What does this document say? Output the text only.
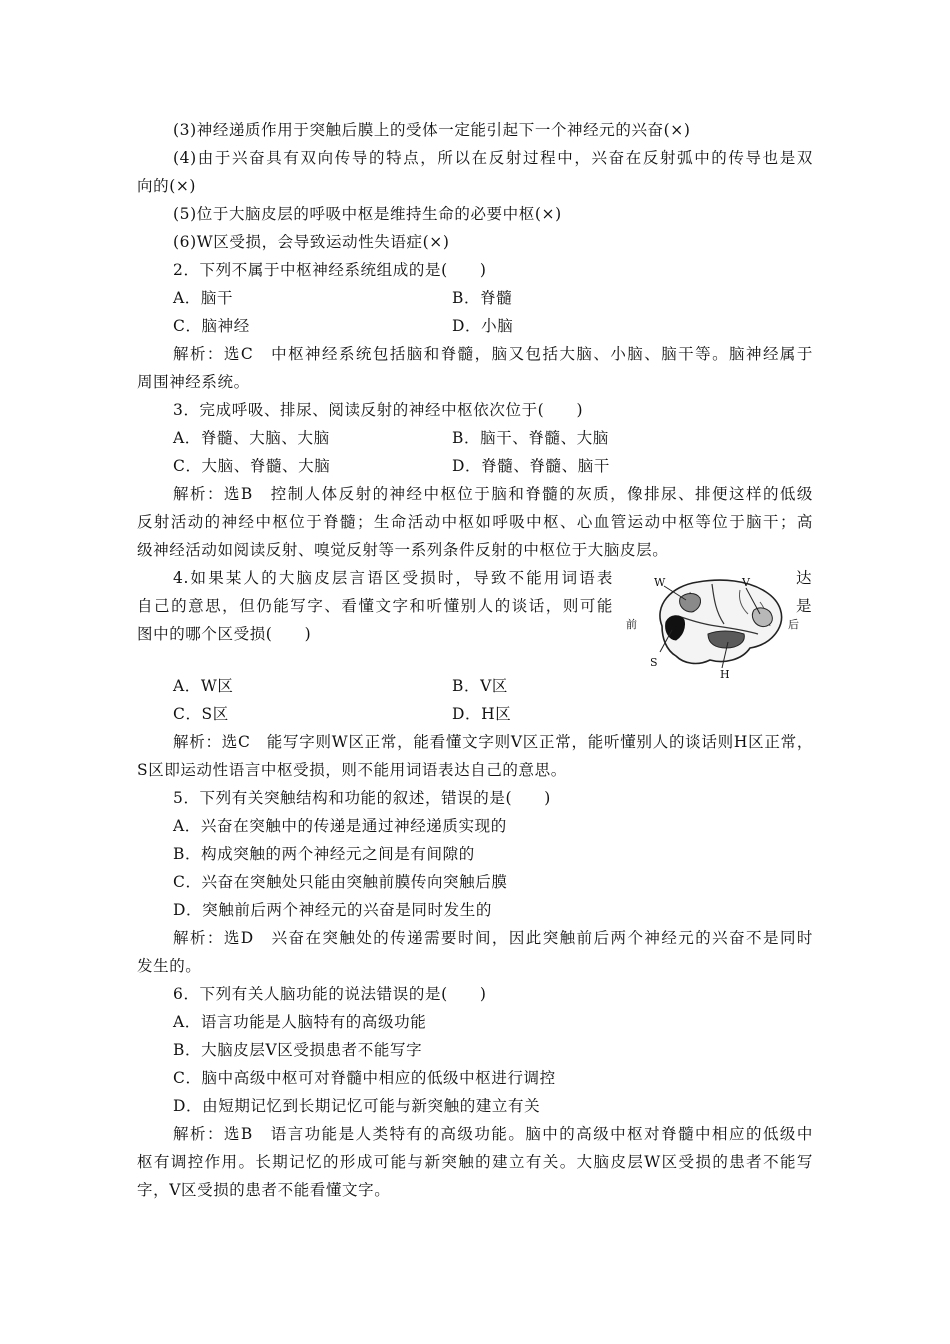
(3)神经递质作用于突触后膜上的受体一定能引起下一个神经元的兴奋(×)
(4)由于兴奋具有双向传导的特点，所以在反射过程中，兴奋在反射弧中的传导也是双
向的(×)
(5)位于大脑皮层的呼吸中枢是维持生命的必要中枢(×)
(6)W区受损，会导致运动性失语症(×)
2．下列不属于中枢神经系统组成的是(　　)
A．脑干	B．脊髓
C．脑神经	D．小脑
解析：选C　中枢神经系统包括脑和脊髓，脑又包括大脑、小脑、脑干等。脑神经属于
周围神经系统。
3．完成呼吸、排尿、阅读反射的神经中枢依次位于(　　)
A．脊髓、大脑、大脑	B．脑干、脊髓、大脑
C．大脑、脊髓、大脑	D．脊髓、脊髓、脑干
解析：选B　控制人体反射的神经中枢位于脑和脊髓的灰质，像排尿、排便这样的低级
反射活动的神经中枢位于脊髓；生命活动中枢如呼吸中枢、心血管运动中枢等位于脑干；高
级神经活动如阅读反射、嗅觉反射等一系列条件反射的中枢位于大脑皮层。
4.如果某人的大脑皮层言语区受损时，导致不能用词语表	达
自己的意思，但仍能写字、看懂文字和听懂别人的谈话，则可能	是
图中的哪个区受损(　　)
W	V
前	后
S
H
A．W区	B．V区
C．S区	D．H区
解析：选C　能写字则W区正常，能看懂文字则V区正常，能听懂别人的谈话则H区正常，
S区即运动性语言中枢受损，则不能用词语表达自己的意思。
5．下列有关突触结构和功能的叙述，错误的是(　　)
A．兴奋在突触中的传递是通过神经递质实现的
B．构成突触的两个神经元之间是有间隙的
C．兴奋在突触处只能由突触前膜传向突触后膜
D．突触前后两个神经元的兴奋是同时发生的
解析：选D　兴奋在突触处的传递需要时间，因此突触前后两个神经元的兴奋不是同时
发生的。
6．下列有关人脑功能的说法错误的是(　　)
A．语言功能是人脑特有的高级功能
B．大脑皮层V区受损患者不能写字
C．脑中高级中枢可对脊髓中相应的低级中枢进行调控
D．由短期记忆到长期记忆可能与新突触的建立有关
解析：选B　语言功能是人类特有的高级功能。脑中的高级中枢对脊髓中相应的低级中
枢有调控作用。长期记忆的形成可能与新突触的建立有关。大脑皮层W区受损的患者不能写
字，V区受损的患者不能看懂文字。
